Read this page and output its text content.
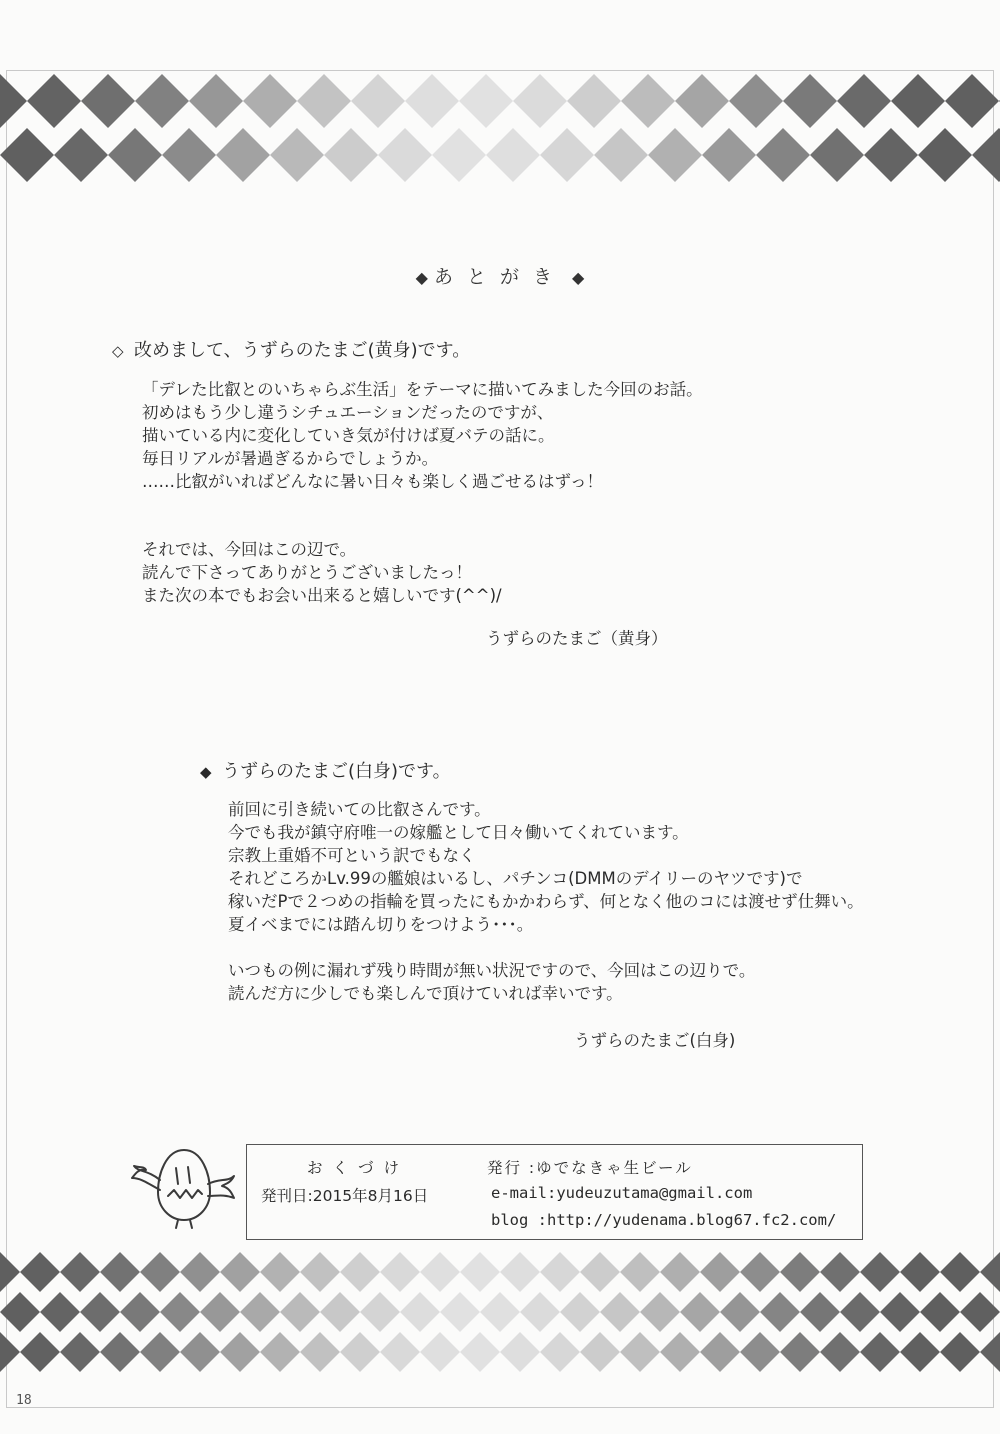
◆ あとがき ◆
◇ 改めまして、うずらのたまご(黄身)です。

「デレた比叡とのいちゃらぶ生活」をテーマに描いてみました今回のお話。

初めはもう少し違うシチュエーションだったのですが、

描いている内に変化していき気が付けば夏バテの話に。

毎日リアルが暑過ぎるからでしょうか。

……比叡がいればどんなに暑い日々も楽しく過ごせるはずっ！

それでは、今回はこの辺で。

読んで下さってありがとうございましたっ！

また次の本でもお会い出来ると嬉しいです(^^)/

うずらのたまご（黄身）
◆ うずらのたまご(白身)です。

前回に引き続いての比叡さんです。

今でも我が鎮守府唯一の嫁艦として日々働いてくれています。

宗教上重婚不可という訳でもなく

それどころかLv.99の艦娘はいるし、パチンコ(DMMのデイリーのヤツです)で

稼いだPで２つめの指輪を買ったにもかかわらず、何となく他のコには渡せず仕舞い。

夏イベまでには踏ん切りをつけよう･･･。

いつもの例に漏れず残り時間が無い状況ですので、今回はこの辺りで。

読んだ方に少しでも楽しんで頂けていれば幸いです。

うずらのたまご(白身)
おくづけ	発行 :ゆでなきゃ生ビール
発刊日:2015年8月16日	e-mail:yudeuzutama@gmail.com
blog :http://yudenama.blog67.fc2.com/
18
